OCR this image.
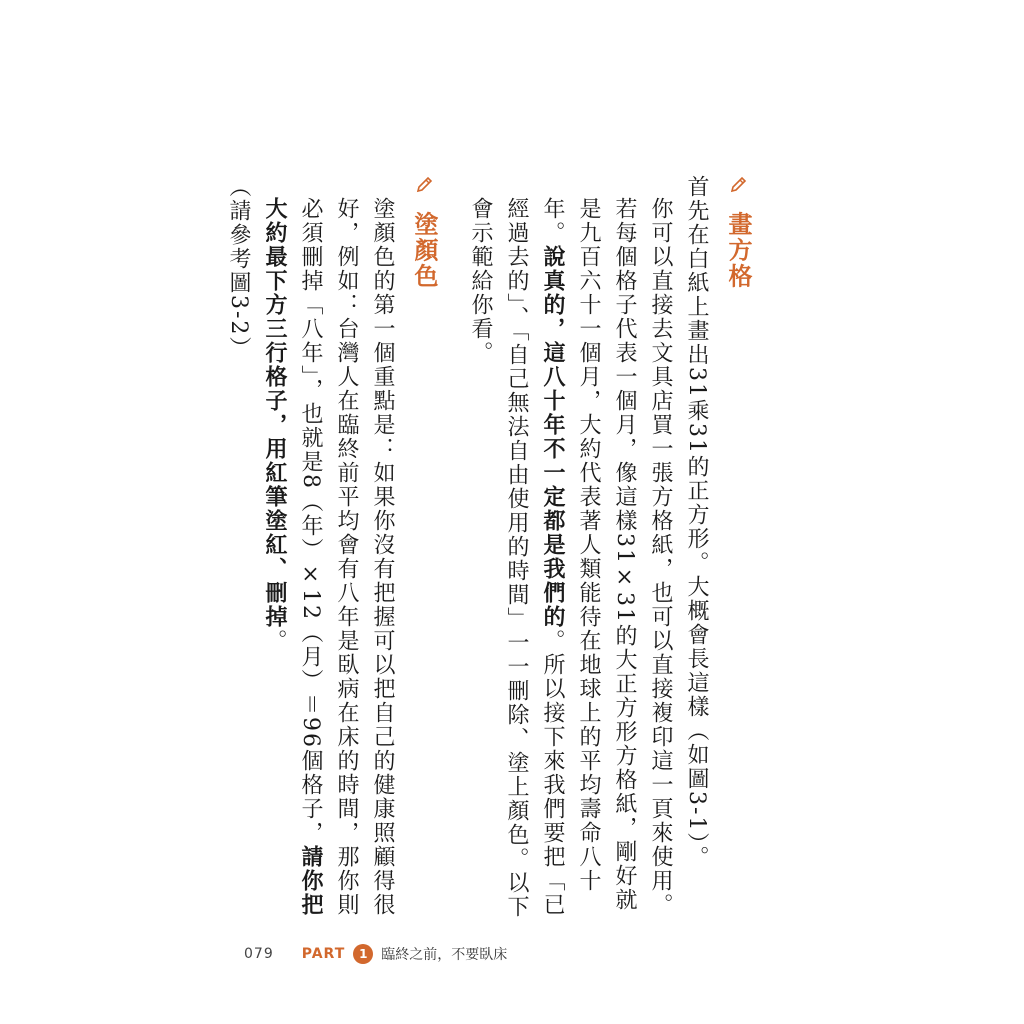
畫方格
首先在白紙上畫出31乘31的正方形。大概會長這樣（如圖3-1）。
你可以直接去文具店買一張方格紙，也可以直接複印這一頁來使用。
若每個格子代表一個月，像這樣31×31的大正方形方格紙，剛好就是九百六十一個月，大約代表著人類能待在地球上的平均壽命八十年。說真的，這八十年不一定都是我們的。所以接下來我們要把「已經過去的」、「自己無法自由使用的時間」一一刪除、塗上顏色。以下會示範給你看。
塗顏色
塗顏色的第一個重點是：如果你沒有把握可以把自己的健康照顧得很好，例如：台灣人在臨終前平均會有八年是臥病在床的時間，那你則必須刪掉「八年」，也就是8（年）×12（月）＝96個格子，請你把大約最下方三行格子，用紅筆塗紅、刪掉。
（請參考圖3-2）
079 PART	1 臨終之前，不要臥床
